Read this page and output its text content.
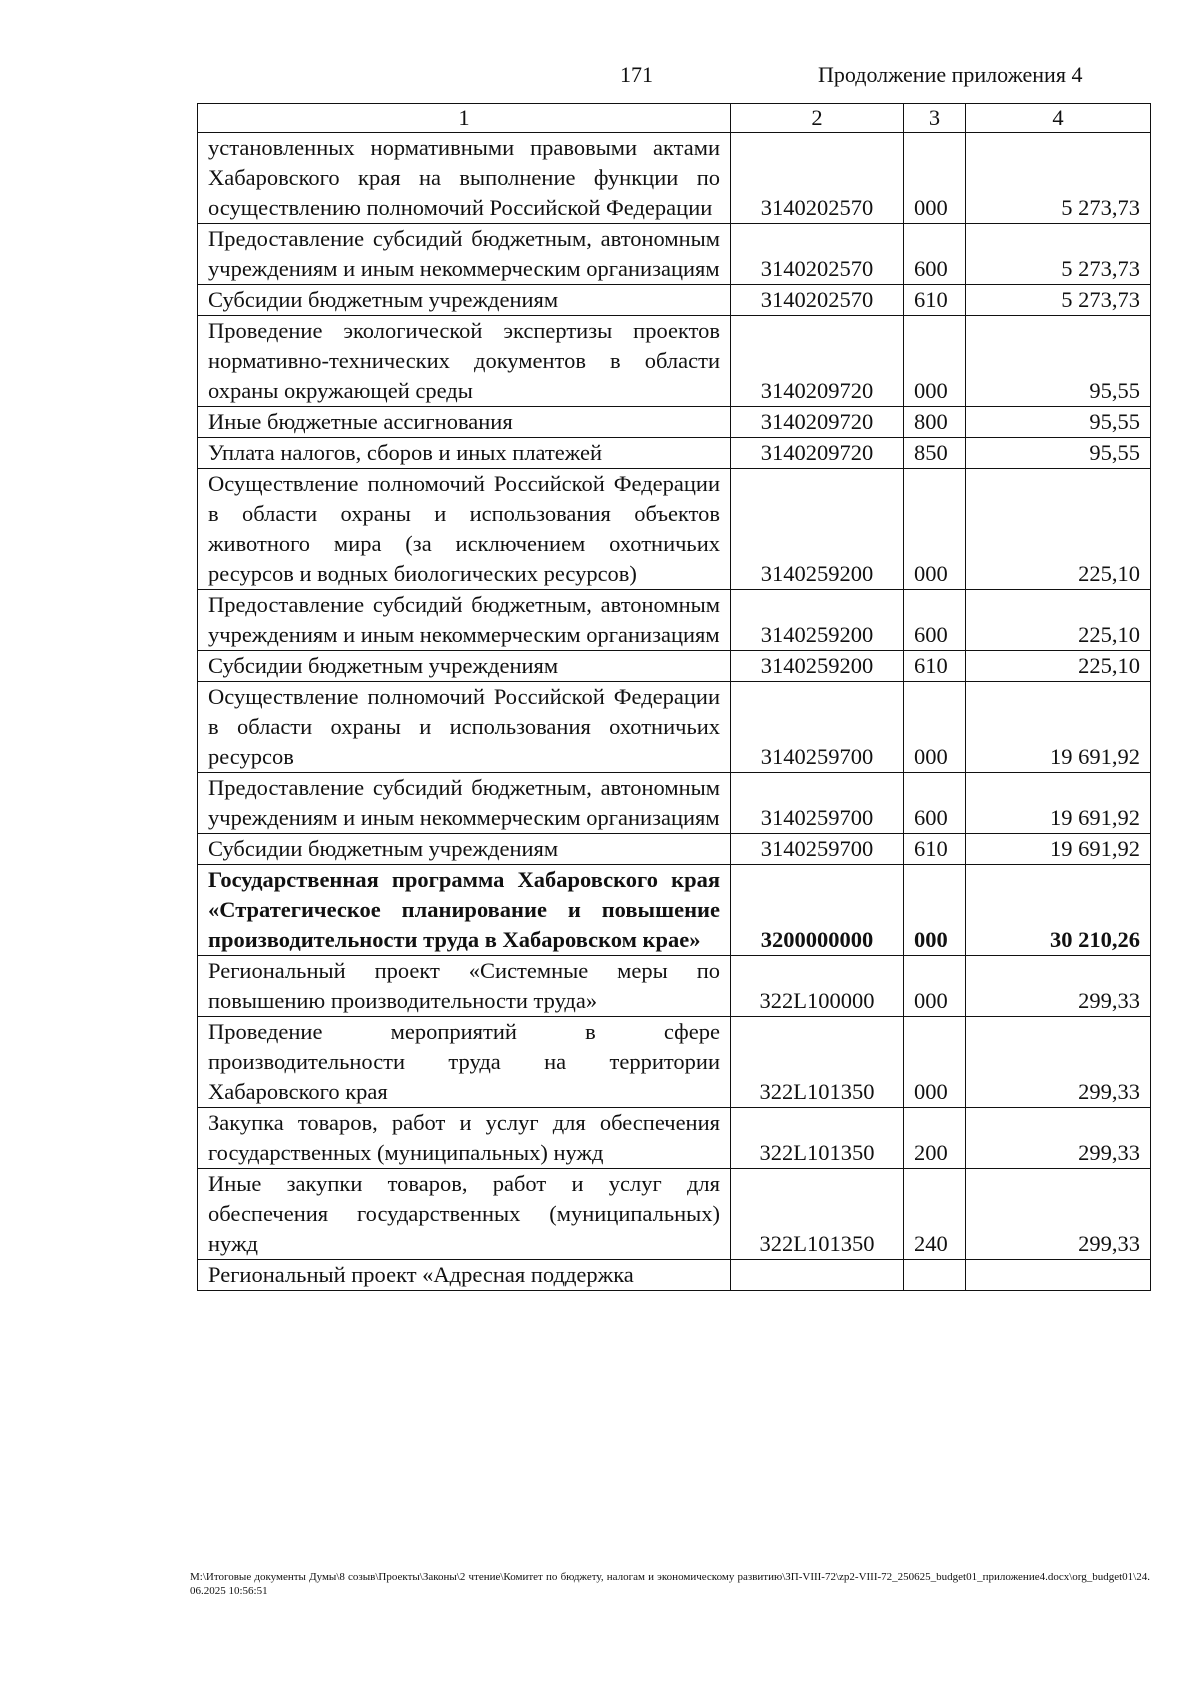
171	Продолжение приложения 4
1	2	3	4
установленных нормативными правовыми актами Хабаровского края на выполнение функции по осуществлению полномочий Российской Федерации	3140202570	000	5 273,73
Предоставление субсидий бюджетным, автономным учреждениям и иным некоммерческим организациям	3140202570	600	5 273,73
Субсидии бюджетным учреждениям	3140202570	610	5 273,73
Проведение экологической экспертизы проектов нормативно-технических документов в области охраны окружающей среды	3140209720	000	95,55
Иные бюджетные ассигнования	3140209720	800	95,55
Уплата налогов, сборов и иных платежей	3140209720	850	95,55
Осуществление полномочий Российской Федерации в области охраны и использования объектов животного мира (за исключением охотничьих ресурсов и водных биологических ресурсов)	3140259200	000	225,10
Предоставление субсидий бюджетным, автономным учреждениям и иным некоммерческим организациям	3140259200	600	225,10
Субсидии бюджетным учреждениям	3140259200	610	225,10
Осуществление полномочий Российской Федерации в области охраны и использования охотничьих ресурсов	3140259700	000	19 691,92
Предоставление субсидий бюджетным, автономным учреждениям и иным некоммерческим организациям	3140259700	600	19 691,92
Субсидии бюджетным учреждениям	3140259700	610	19 691,92
Государственная программа Хабаровского края «Стратегическое планирование и повышение производительности труда в Хабаровском крае»	3200000000	000	30 210,26
Региональный проект «Системные меры по повышению производительности труда»	322L100000	000	299,33
Проведение мероприятий в сфере производительности труда на территории Хабаровского края	322L101350	000	299,33
Закупка товаров, работ и услуг для обеспечения государственных (муниципальных) нужд	322L101350	200	299,33
Иные закупки товаров, работ и услуг для обеспечения государственных (муниципальных) нужд	322L101350	240	299,33
Региональный проект «Адресная поддержка			
M:\Итоговые документы Думы\8 созыв\Проекты\Законы\2 чтение\Комитет по бюджету, налогам и экономическому развитию\ЗП-VIII-72\zp2-VIII-72_250625_budget01_приложение4.docx\org_budget01\24.06.2025 10:56:51
